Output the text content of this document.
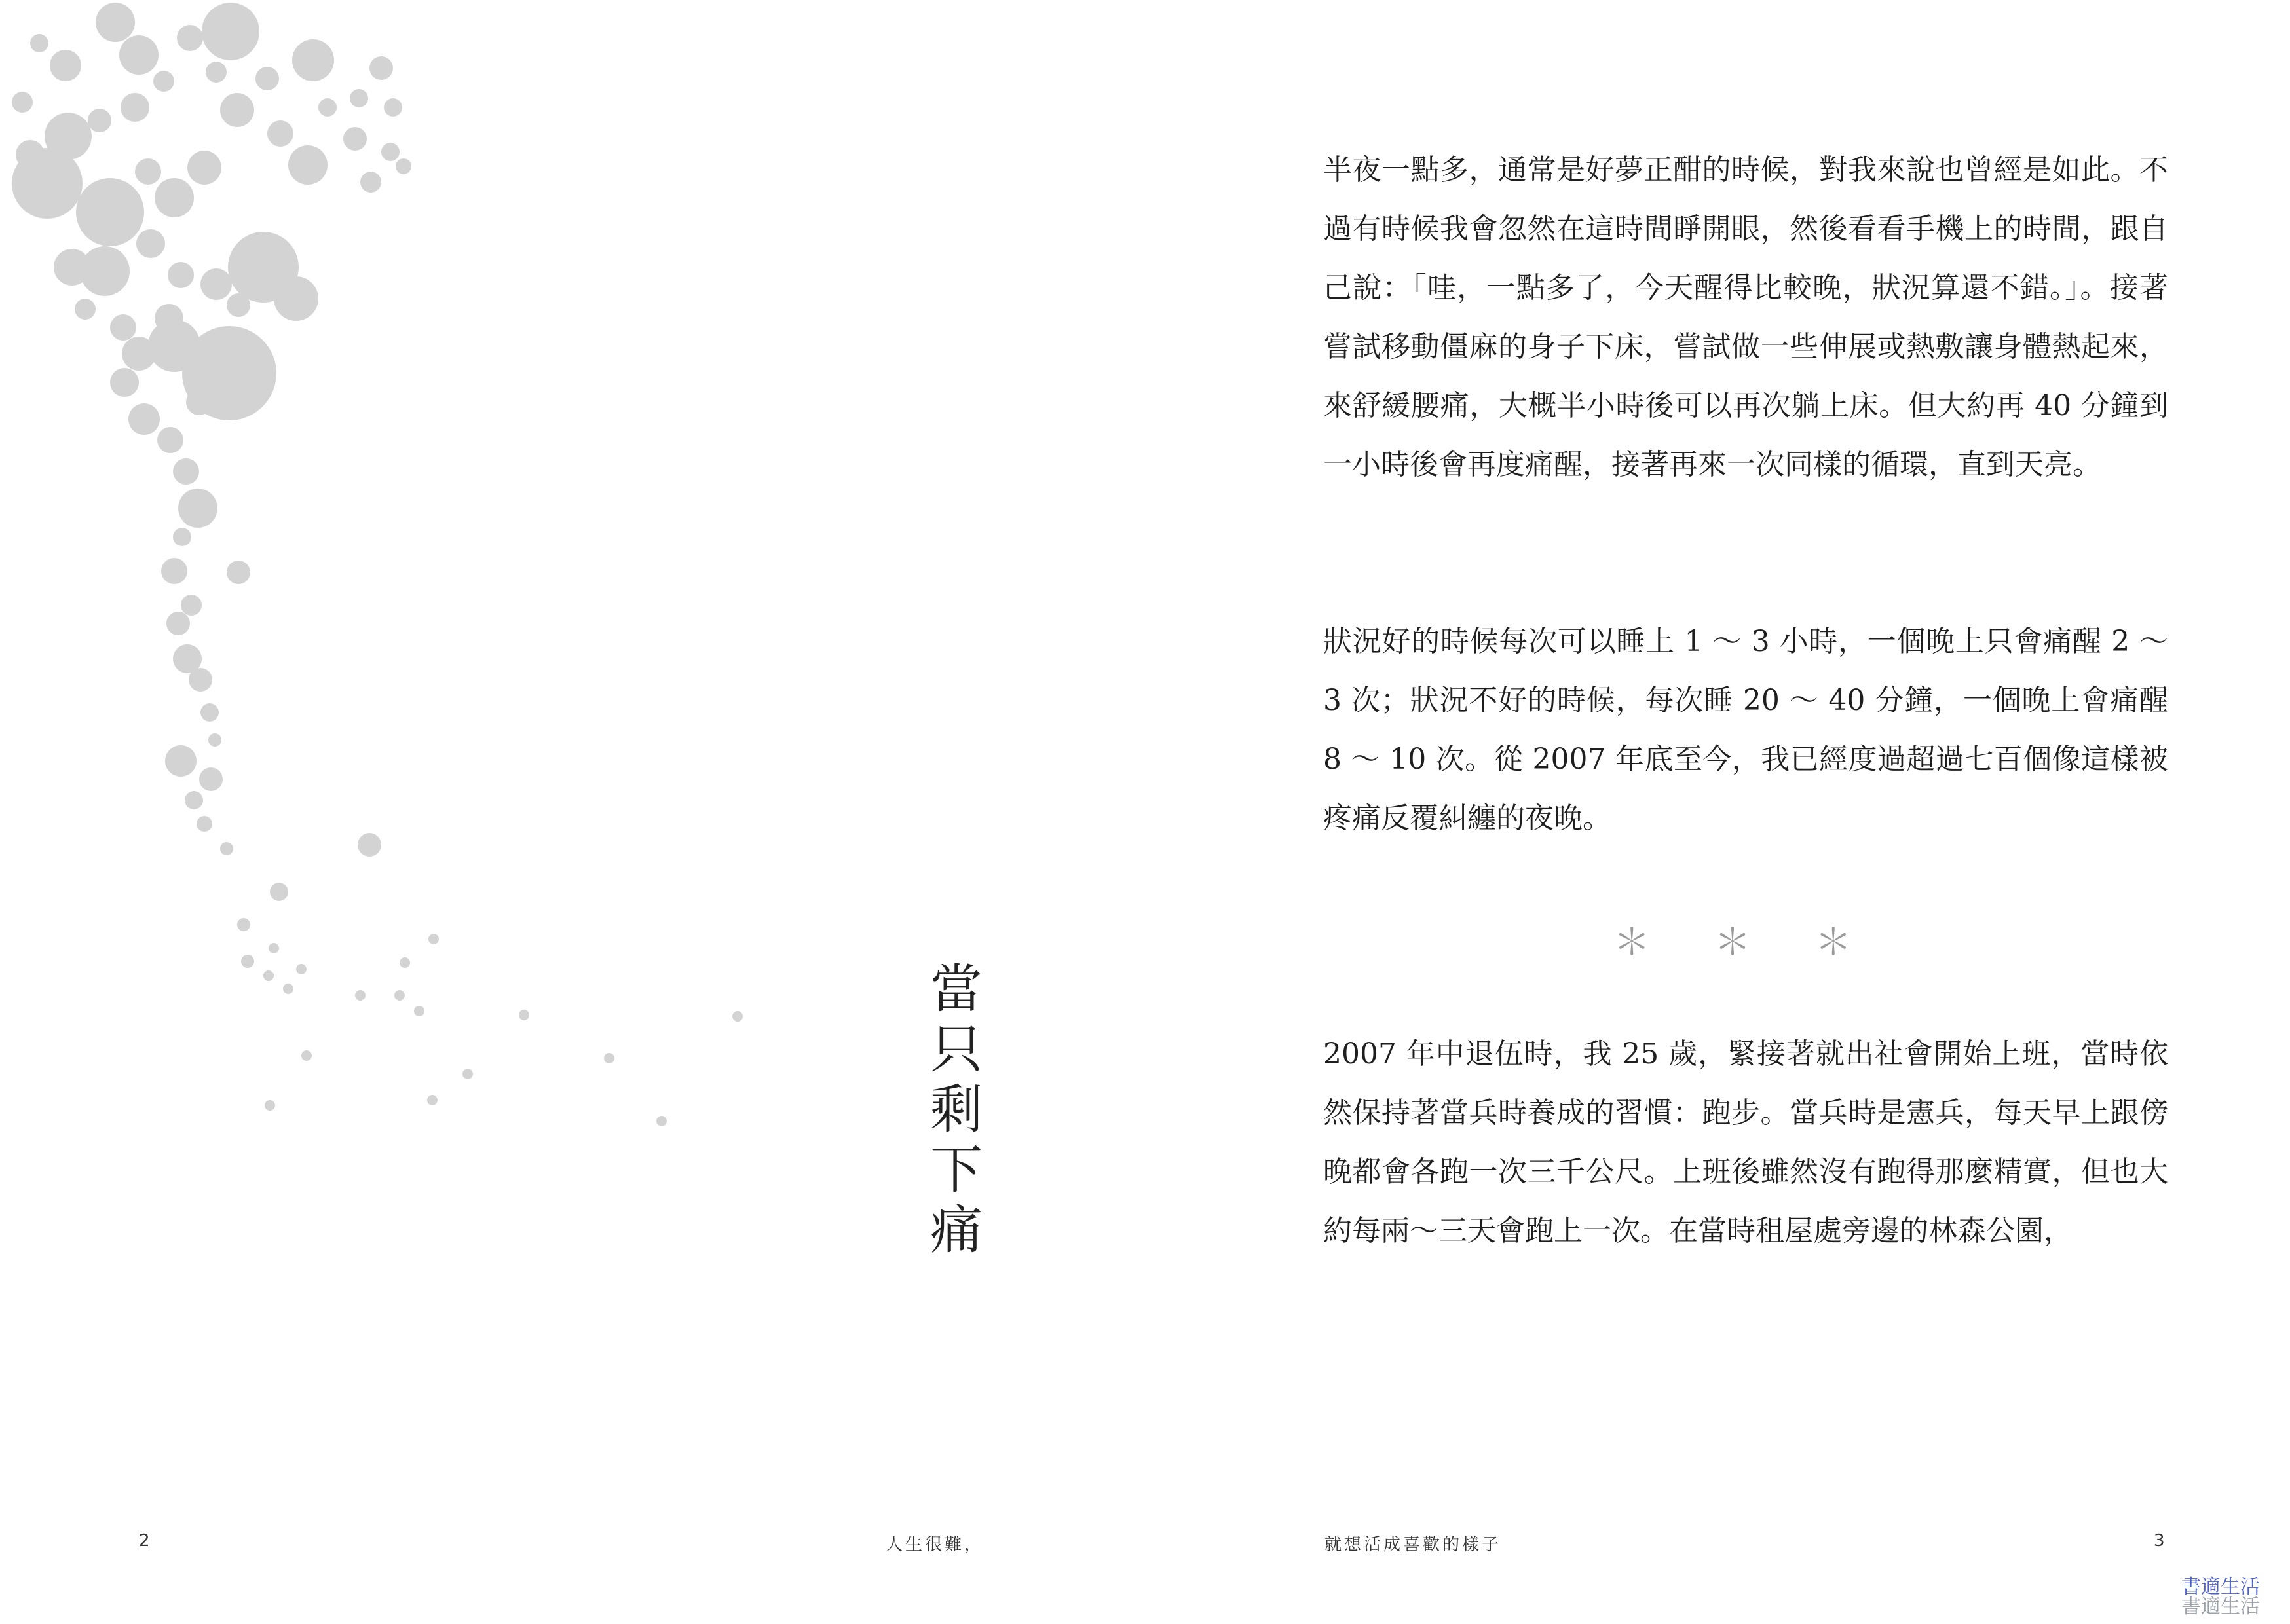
當
只
剩
下
痛
半夜一點多，通常是好夢正酣的時候，對我來說也曾經是如此。不過有時候我會忽然在這時間睜開眼，然後看看手機上的時間，跟自己說：「哇，一點多了，今天醒得比較晚，狀況算還不錯。」。接著嘗試移動僵麻的身子下床，嘗試做一些伸展或熱敷讓身體熱起來，來舒緩腰痛，大概半小時後可以再次躺上床。但大約再 40 分鐘到一小時後會再度痛醒，接著再來一次同樣的循環，直到天亮。
狀況好的時候每次可以睡上 1 ～ 3 小時，一個晚上只會痛醒 2 ～ 3 次；狀況不好的時候，每次睡 20 ～ 40 分鐘，一個晚上會痛醒 8 ～ 10 次。從 2007 年底至今，我已經度過超過七百個像這樣被疼痛反覆糾纏的夜晚。
＊ ＊ ＊
2007 年中退伍時，我 25 歲，緊接著就出社會開始上班，當時依然保持著當兵時養成的習慣：跑步。當兵時是憲兵，每天早上跟傍晚都會各跑一次三千公尺。上班後雖然沒有跑得那麼精實，但也大約每兩～三天會跑上一次。在當時租屋處旁邊的林森公園，
2	人生很難，	就想活成喜歡的樣子	3
書適生活
書適生活
